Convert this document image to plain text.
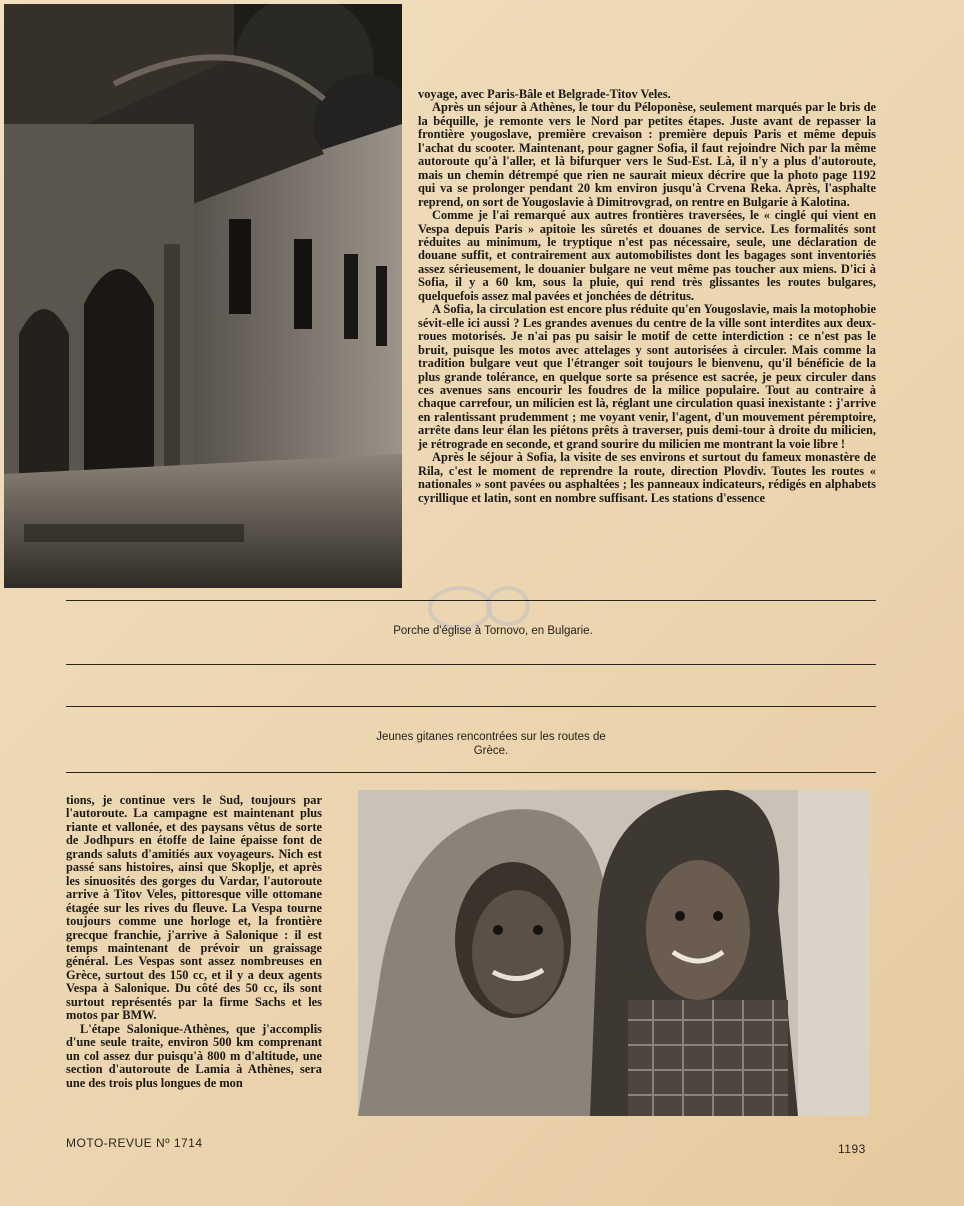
voyage, avec Paris-Bâle et Belgrade-Titov Veles.

Après un séjour à Athènes, le tour du Péloponèse, seulement marqués par le bris de la béquille, je remonte vers le Nord par petites étapes. Juste avant de repasser la frontière yougoslave, première crevaison : première depuis Paris et même depuis l'achat du scooter. Maintenant, pour gagner Sofia, il faut rejoindre Nich par la même autoroute qu'à l'aller, et là bifurquer vers le Sud-Est. Là, il n'y a plus d'autoroute, mais un chemin détrempé que rien ne saurait mieux décrire que la photo page 1192 qui va se prolonger pendant 20 km environ jusqu'à Crvena Reka. Après, l'asphalte reprend, on sort de Yougoslavie à Dimitrovgrad, on rentre en Bulgarie à Kalotina.

Comme je l'ai remarqué aux autres frontières traversées, le « cinglé qui vient en Vespa depuis Paris » apitoie les sûretés et douanes de service. Les formalités sont réduites au minimum, le tryptique n'est pas nécessaire, seule, une déclaration de douane suffit, et contrairement aux automobilistes dont les bagages sont inventoriés assez sérieusement, le douanier bulgare ne veut même pas toucher aux miens. D'ici à Sofia, il y a 60 km, sous la pluie, qui rend très glissantes les routes bulgares, quelquefois assez mal pavées et jonchées de détritus.

A Sofia, la circulation est encore plus réduite qu'en Yougoslavie, mais la motophobie sévit-elle ici aussi ? Les grandes avenues du centre de la ville sont interdites aux deux-roues motorisés. Je n'ai pas pu saisir le motif de cette interdiction : ce n'est pas le bruit, puisque les motos avec attelages y sont autorisées à circuler. Mais comme la tradition bulgare veut que l'étranger soit toujours le bienvenu, qu'il bénéficie de la plus grande tolérance, en quelque sorte sa présence est sacrée, je peux circuler dans ces avenues sans encourir les foudres de la milice populaire. Tout au contraire à chaque carrefour, un milicien est là, réglant une circulation quasi inexistante : j'arrive en ralentissant prudemment ; me voyant venir, l'agent, d'un mouvement péremptoire, arrête dans leur élan les piétons prêts à traverser, puis demi-tour à droite du milicien, je rétrograde en seconde, et grand sourire du milicien me montrant la voie libre !

Après le séjour à Sofia, la visite de ses environs et surtout du fameux monastère de Rila, c'est le moment de reprendre la route, direction Plovdiv. Toutes les routes « nationales » sont pavées ou asphaltées ; les panneaux indicateurs, rédigés en alphabets cyrillique et latin, sont en nombre suffisant. Les stations d'essence

Porche d'église à Tornovo, en Bulgarie.
Jeunes gitanes rencontrées sur les routes de Grèce.

tions, je continue vers le Sud, toujours par l'autoroute. La campagne est maintenant plus riante et vallonée, et des paysans vêtus de sorte de Jodhpurs en étoffe de laine épaisse font de grands saluts d'amitiés aux voyageurs. Nich est passé sans histoires, ainsi que Skoplje, et après les sinuosités des gorges du Vardar, l'autoroute arrive à Titov Veles, pittoresque ville ottomane étagée sur les rives du fleuve. La Vespa tourne toujours comme une horloge et, la frontière grecque franchie, j'arrive à Salonique : il est temps maintenant de prévoir un graissage général. Les Vespas sont assez nombreuses en Grèce, surtout des 150 cc, et il y a deux agents Vespa à Salonique. Du côté des 50 cc, ils sont surtout représentés par la firme Sachs et les motos par BMW.

L'étape Salonique-Athènes, que j'accomplis d'une seule traite, environ 500 km comprenant un col assez dur puisqu'à 800 m d'altitude, une section d'autoroute de Lamia à Athènes, sera une des trois plus longues de mon

MOTO-REVUE Nº 1714	1193
